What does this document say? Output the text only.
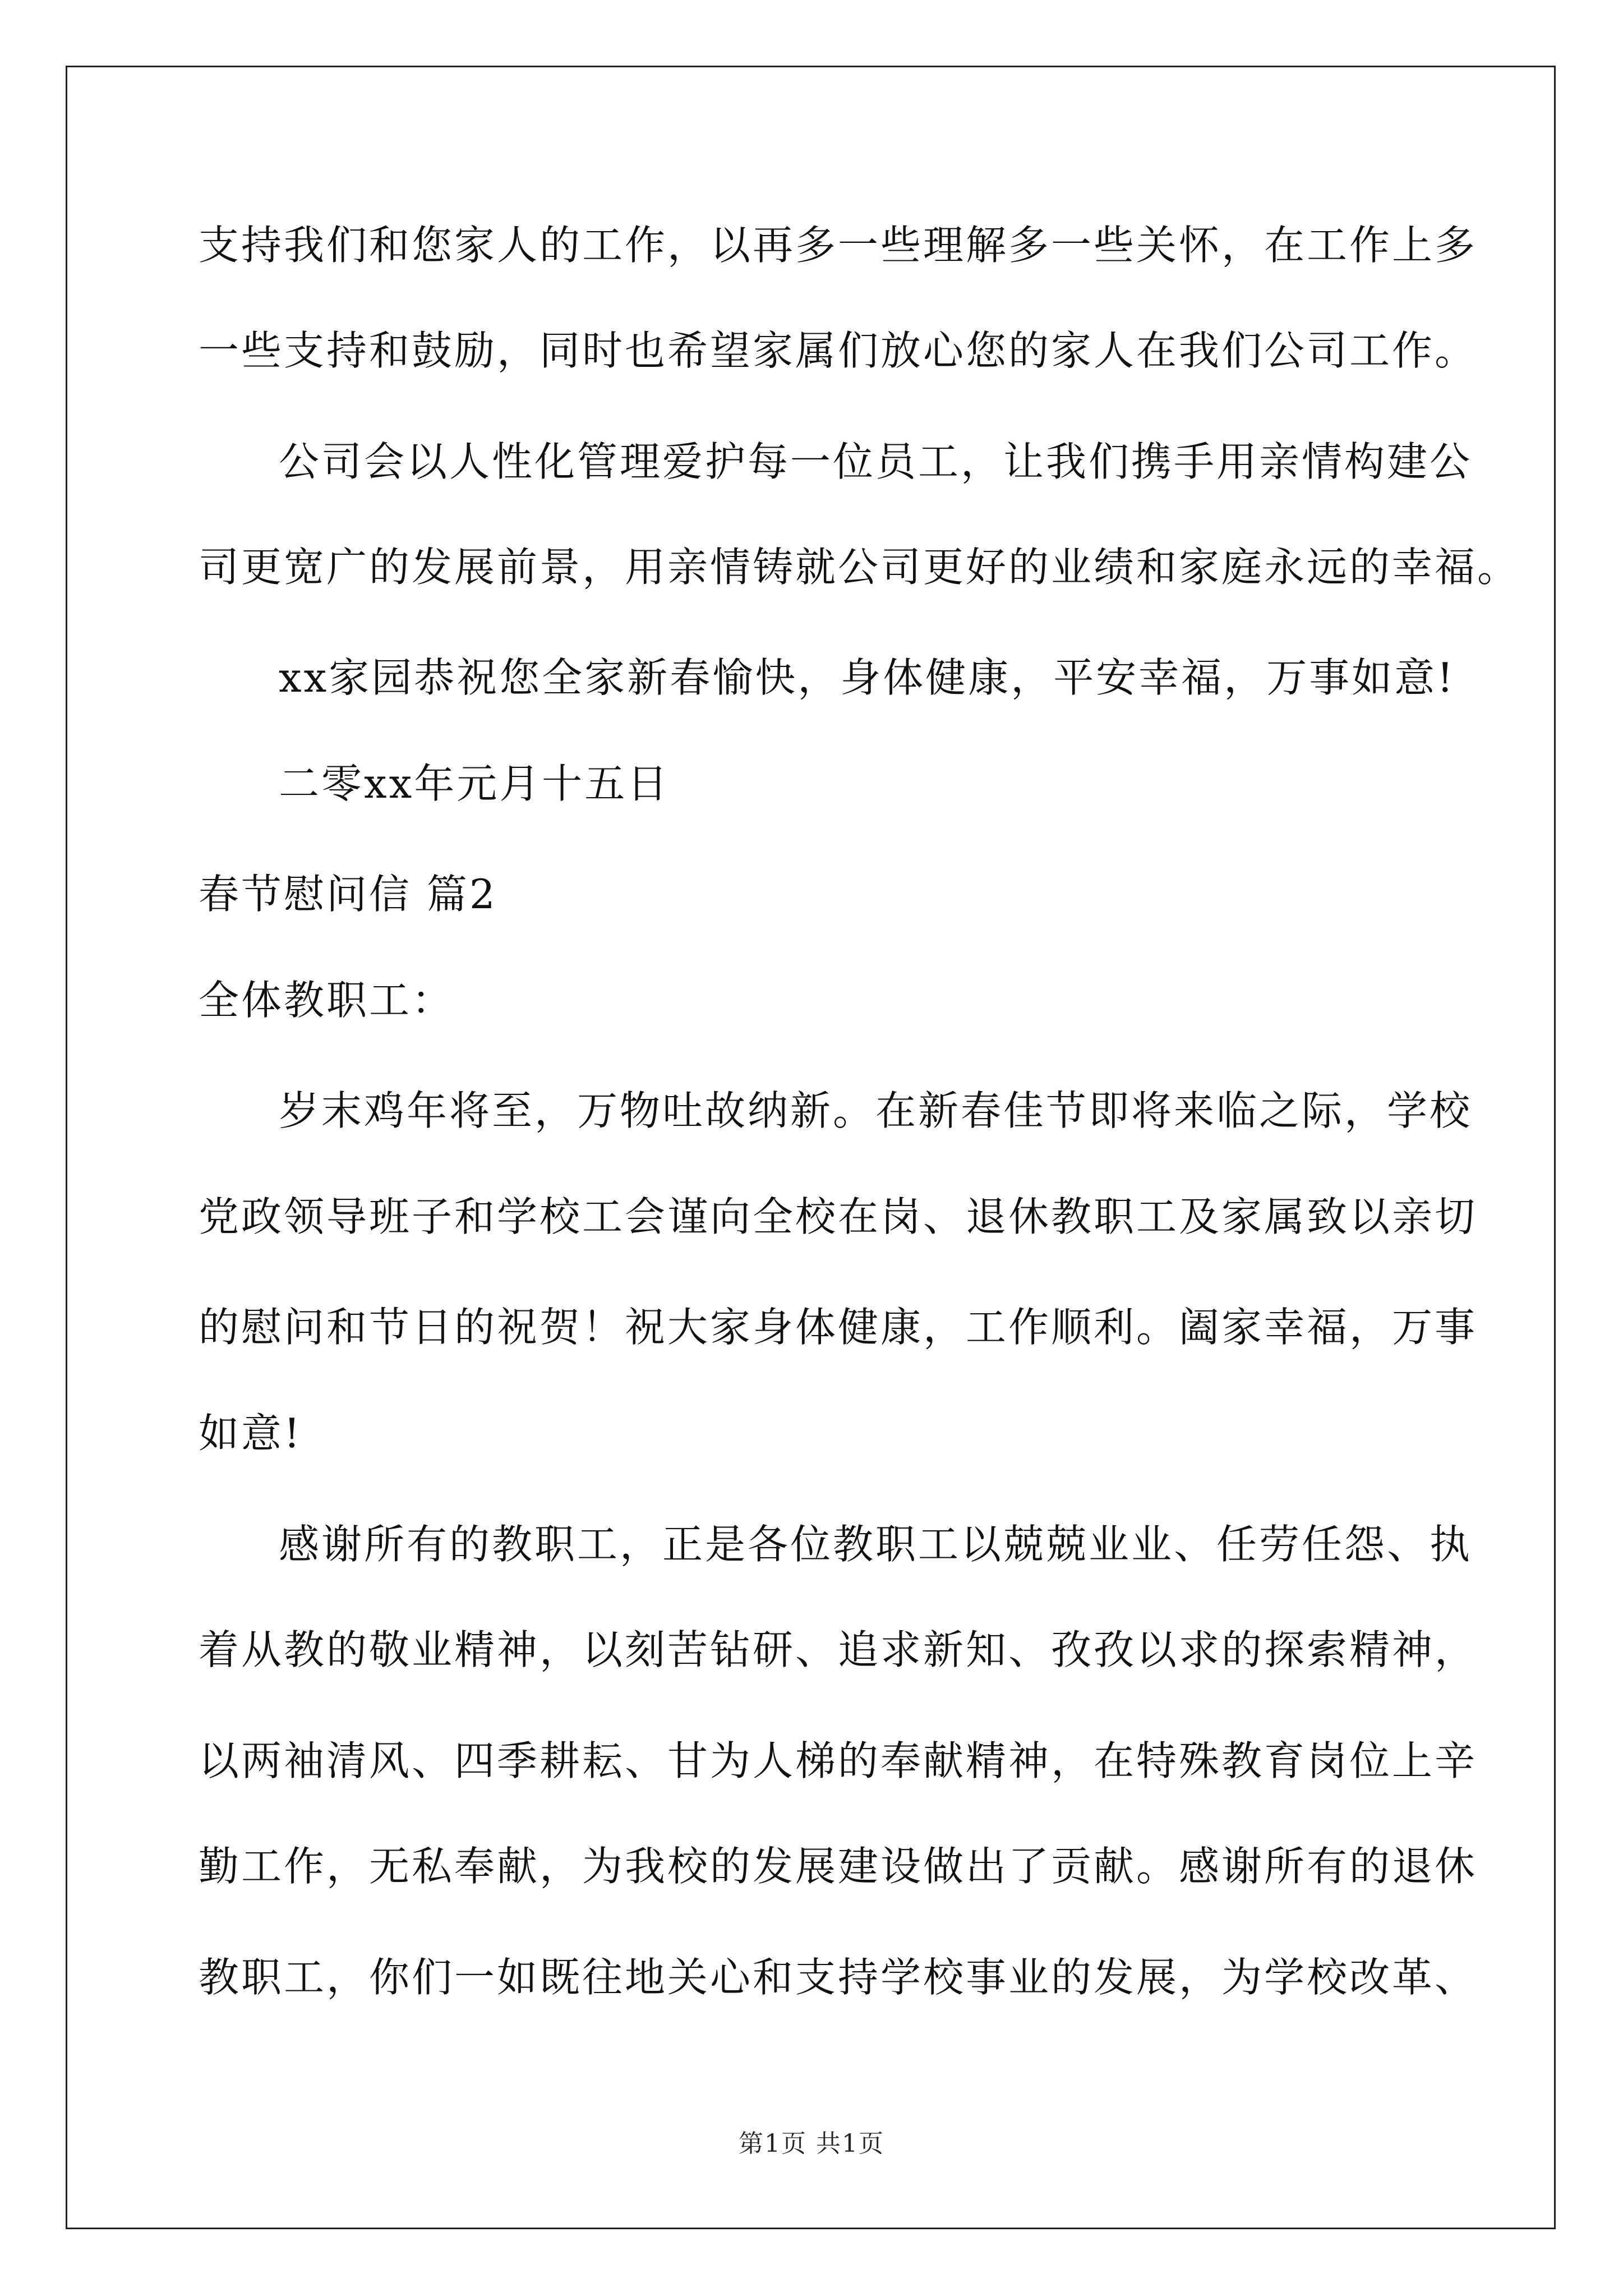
支持我们和您家人的工作，以再多一些理解多一些关怀，在工作上多
一些支持和鼓励，同时也希望家属们放心您的家人在我们公司工作。
公司会以人性化管理爱护每一位员工，让我们携手用亲情构建公
司更宽广的发展前景，用亲情铸就公司更好的业绩和家庭永远的幸福。
xx家园恭祝您全家新春愉快，身体健康，平安幸福，万事如意!
二零xx年元月十五日
春节慰问信 篇2
全体教职工：
岁末鸡年将至，万物吐故纳新。在新春佳节即将来临之际，学校
党政领导班子和学校工会谨向全校在岗、退休教职工及家属致以亲切
的慰问和节日的祝贺！祝大家身体健康，工作顺利。阖家幸福，万事
如意!
感谢所有的教职工，正是各位教职工以兢兢业业、任劳任怨、执
着从教的敬业精神，以刻苦钻研、追求新知、孜孜以求的探索精神，
以两袖清风、四季耕耘、甘为人梯的奉献精神，在特殊教育岗位上辛
勤工作，无私奉献，为我校的发展建设做出了贡献。感谢所有的退休
教职工，你们一如既往地关心和支持学校事业的发展，为学校改革、
第1页 共1页
